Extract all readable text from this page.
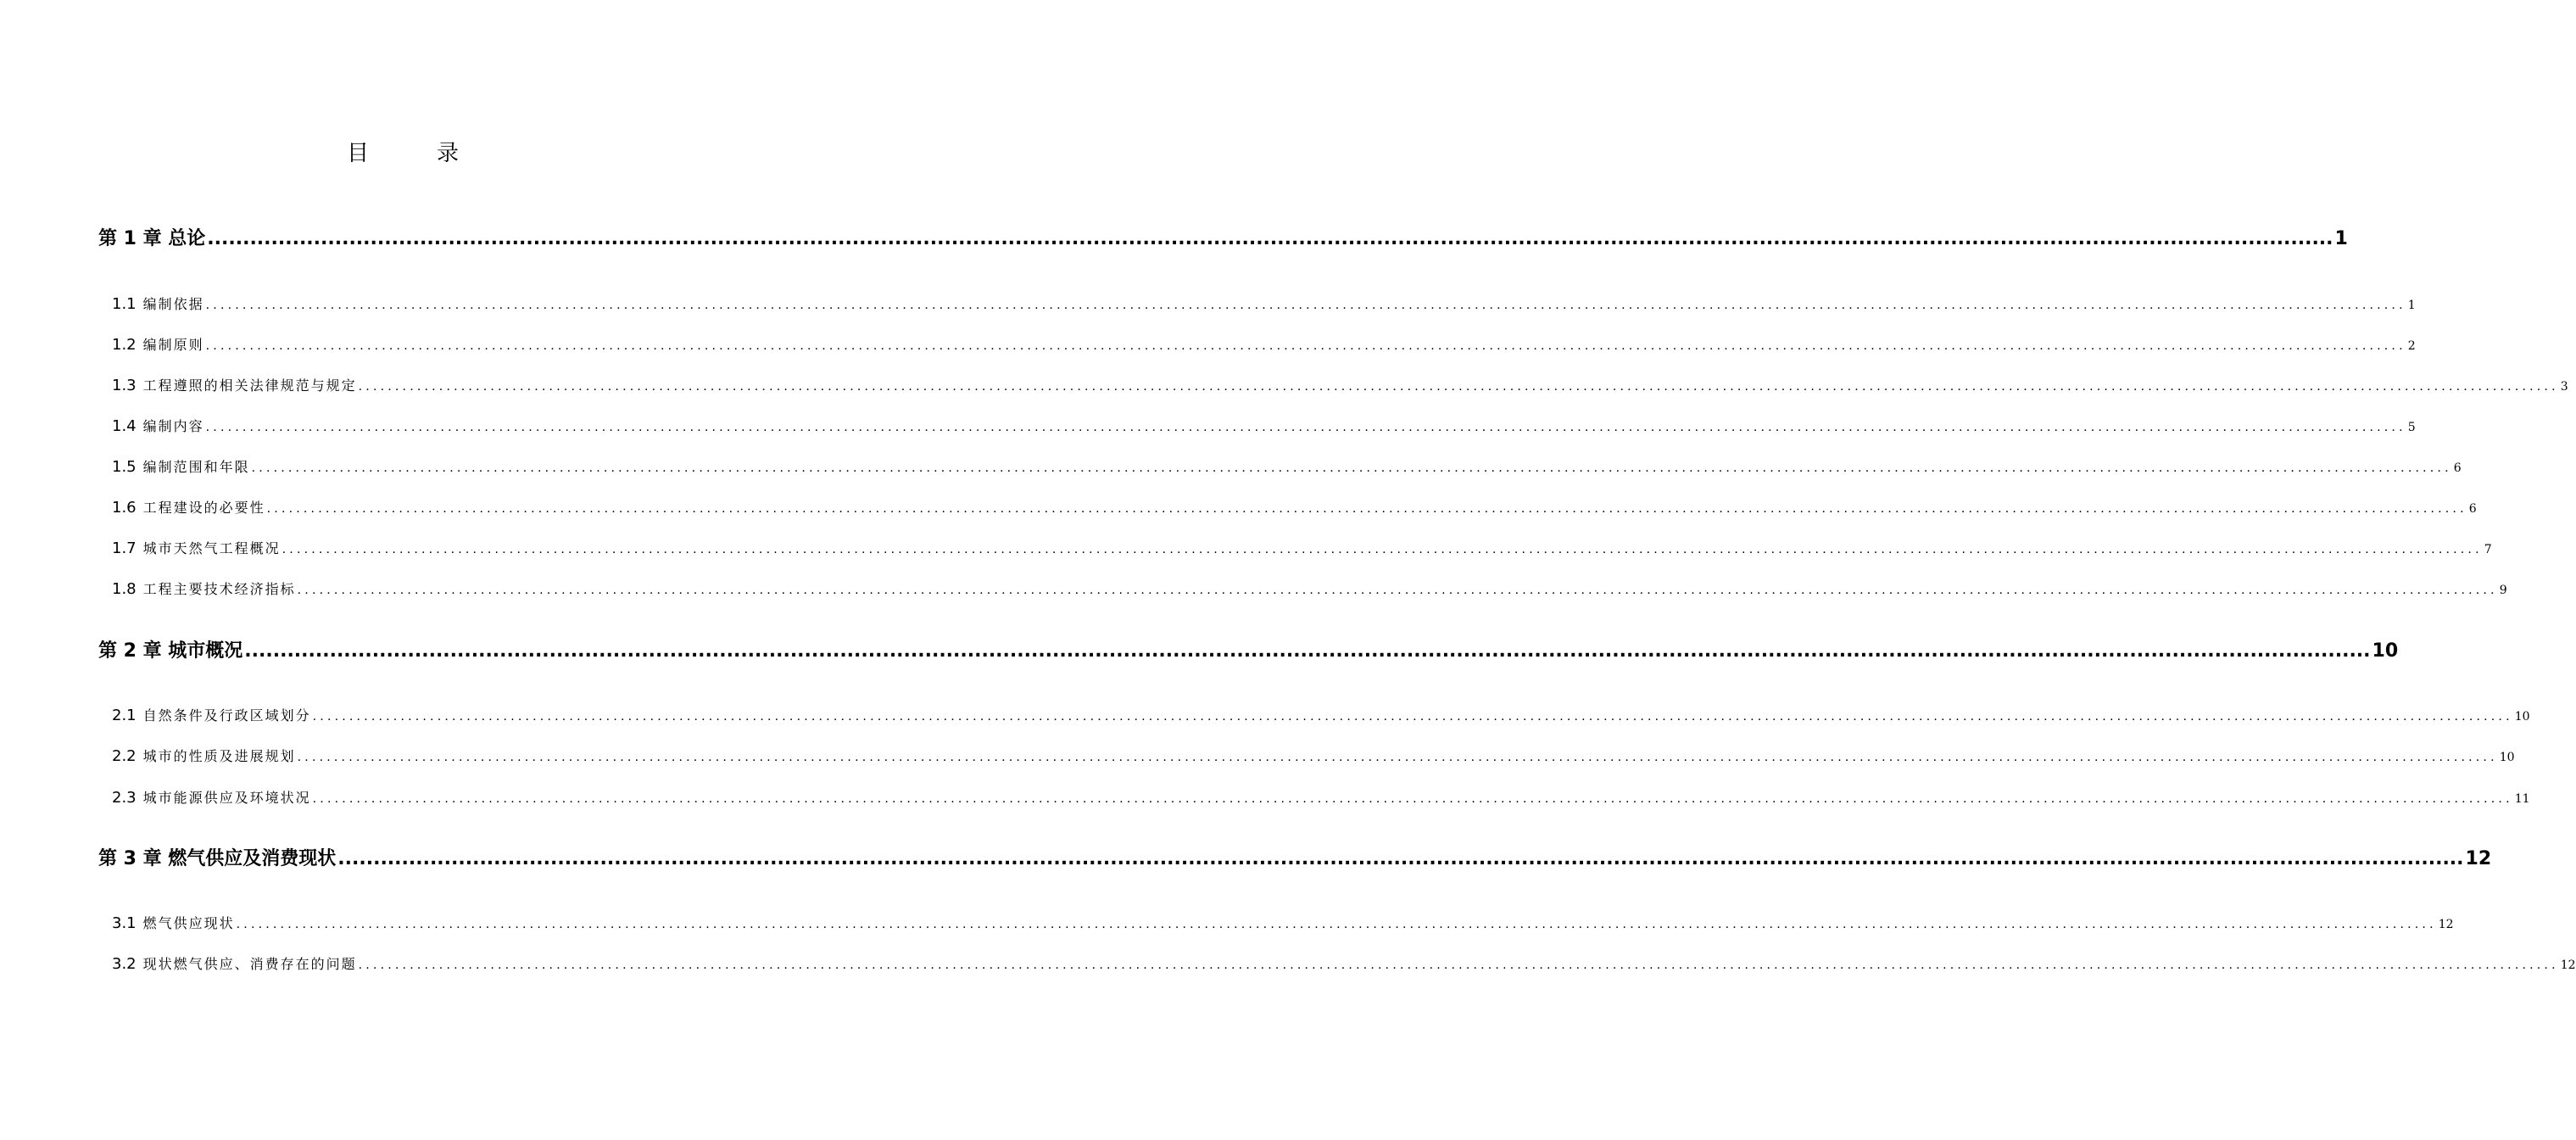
目	录
第 1 章 总论 ............................................................................................................................................................................................................................................................................................................ 1
1.1 编制依据 ............................................................................................................................................................................................................................................................................................................ 1
1.2 编制原则 ............................................................................................................................................................................................................................................................................................................ 2
1.3 工程遵照的相关法律规范与规定 ............................................................................................................................................................................................................................................................................................................ 3
1.4 编制内容 ............................................................................................................................................................................................................................................................................................................ 5
1.5 编制范围和年限 ............................................................................................................................................................................................................................................................................................................ 6
1.6 工程建设的必要性 ............................................................................................................................................................................................................................................................................................................ 6
1.7 城市天然气工程概况 ............................................................................................................................................................................................................................................................................................................ 7
1.8 工程主要技术经济指标 ............................................................................................................................................................................................................................................................................................................ 9
第 2 章 城市概况 ............................................................................................................................................................................................................................................................................................................ 10
2.1 自然条件及行政区域划分 ............................................................................................................................................................................................................................................................................................................ 10
2.2 城市的性质及进展规划 ............................................................................................................................................................................................................................................................................................................ 10
2.3 城市能源供应及环境状况 ............................................................................................................................................................................................................................................................................................................ 11
第 3 章 燃气供应及消费现状 ............................................................................................................................................................................................................................................................................................................ 12
3.1 燃气供应现状 ............................................................................................................................................................................................................................................................................................................ 12
3.2 现状燃气供应、消费存在的问题 ............................................................................................................................................................................................................................................................................................................ 12
